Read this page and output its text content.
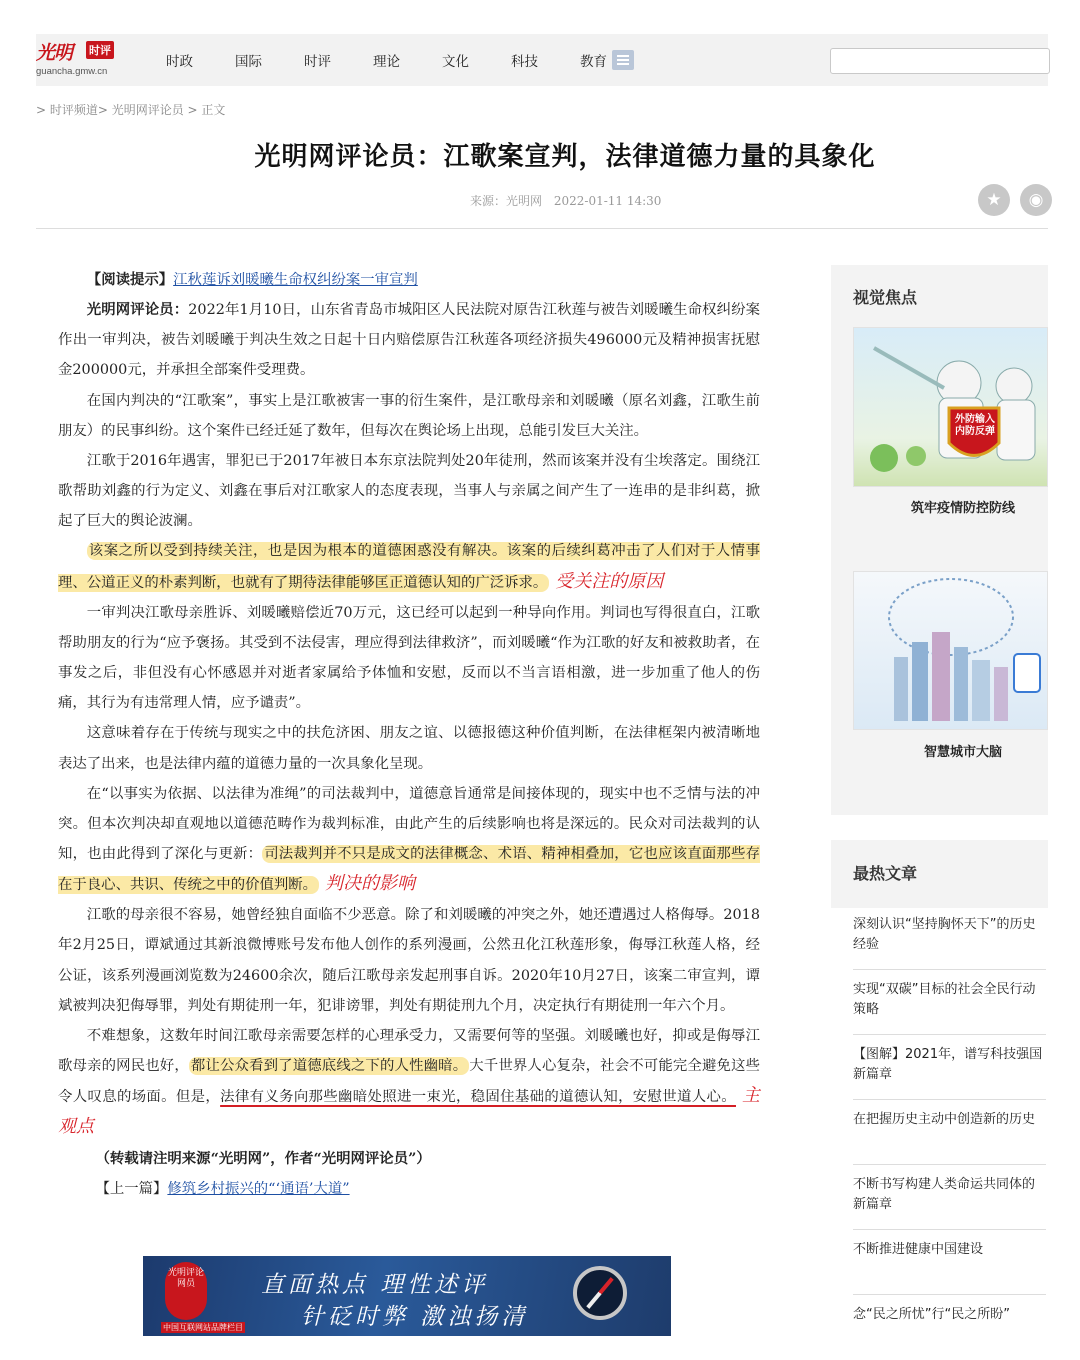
光明 时评
guancha.gmw.cn
时政	国际	时评	理论	文化	科技	教育
> 时评频道> 光明网评论员 > 正文
光明网评论员：江歌案宣判，法律道德力量的具象化
来源：光明网 2022-01-11 14:30	★	◉

【阅读提示】江秋莲诉刘暖曦生命权纠纷案一审宣判

光明网评论员：2022年1月10日，山东省青岛市城阳区人民法院对原告江秋莲与被告刘暖曦生命权纠纷案作出一审判决，被告刘暖曦于判决生效之日起十日内赔偿原告江秋莲各项经济损失496000元及精神损害抚慰金200000元，并承担全部案件受理费。

在国内判决的“江歌案”，事实上是江歌被害一事的衍生案件，是江歌母亲和刘暖曦（原名刘鑫，江歌生前朋友）的民事纠纷。这个案件已经迁延了数年，但每次在舆论场上出现，总能引发巨大关注。

江歌于2016年遇害，罪犯已于2017年被日本东京法院判处20年徒刑，然而该案并没有尘埃落定。围绕江歌帮助刘鑫的行为定义、刘鑫在事后对江歌家人的态度表现，当事人与亲属之间产生了一连串的是非纠葛，掀起了巨大的舆论波澜。

该案之所以受到持续关注，也是因为根本的道德困惑没有解决。该案的后续纠葛冲击了人们对于人情事理、公道正义的朴素判断，也就有了期待法律能够匡正道德认知的广泛诉求。 受关注的原因

一审判决江歌母亲胜诉、刘暖曦赔偿近70万元，这已经可以起到一种导向作用。判词也写得很直白，江歌帮助朋友的行为“应予褒扬。其受到不法侵害，理应得到法律救济”，而刘暖曦“作为江歌的好友和被救助者，在事发之后，非但没有心怀感恩并对逝者家属给予体恤和安慰，反而以不当言语相激，进一步加重了他人的伤痛，其行为有违常理人情，应予谴责”。

这意味着存在于传统与现实之中的扶危济困、朋友之谊、以德报德这种价值判断，在法律框架内被清晰地表达了出来，也是法律内蕴的道德力量的一次具象化呈现。

在“以事实为依据、以法律为准绳”的司法裁判中，道德意旨通常是间接体现的，现实中也不乏情与法的冲突。但本次判决却直观地以道德范畴作为裁判标准，由此产生的后续影响也将是深远的。民众对司法裁判的认知，也由此得到了深化与更新： 司法裁判并不只是成文的法律概念、术语、精神相叠加，它也应该直面那些存在于良心、共识、传统之中的价值判断。 判决的影响

江歌的母亲很不容易，她曾经独自面临不少恶意。除了和刘暖曦的冲突之外，她还遭遇过人格侮辱。2018年2月25日，谭斌通过其新浪微博账号发布他人创作的系列漫画，公然丑化江秋莲形象，侮辱江秋莲人格，经公证，该系列漫画浏览数为24600余次，随后江歌母亲发起刑事自诉。2020年10月27日，该案二审宣判，谭斌被判决犯侮辱罪，判处有期徒刑一年，犯诽谤罪，判处有期徒刑九个月，决定执行有期徒刑一年六个月。

不难想象，这数年时间江歌母亲需要怎样的心理承受力，又需要何等的坚强。刘暖曦也好，抑或是侮辱江歌母亲的网民也好， 都让公众看到了道德底线之下的人性幽暗。 大千世界人心复杂，社会不可能完全避免这些令人叹息的场面。但是，法律有义务向那些幽暗处照进一束光，稳固住基础的道德认知，安慰世道人心。 主观点

（转载请注明来源“光明网”，作者“光明网评论员”）

【上一篇】修筑乡村振兴的“‘通语’大道”

光明评论网员	直面热点 理性述评
针砭时弊 激浊扬清
中国互联网站品牌栏目
视觉焦点
外防输入 内防反弹
筑牢疫情防控防线
智慧城市大脑
最热文章
深刻认识“坚持胸怀天下”的历史经验
实现“双碳”目标的社会全民行动策略
【图解】2021年，谱写科技强国新篇章
在把握历史主动中创造新的历史
不断书写构建人类命运共同体的新篇章
不断推进健康中国建设
念“民之所忧”行“民之所盼”
